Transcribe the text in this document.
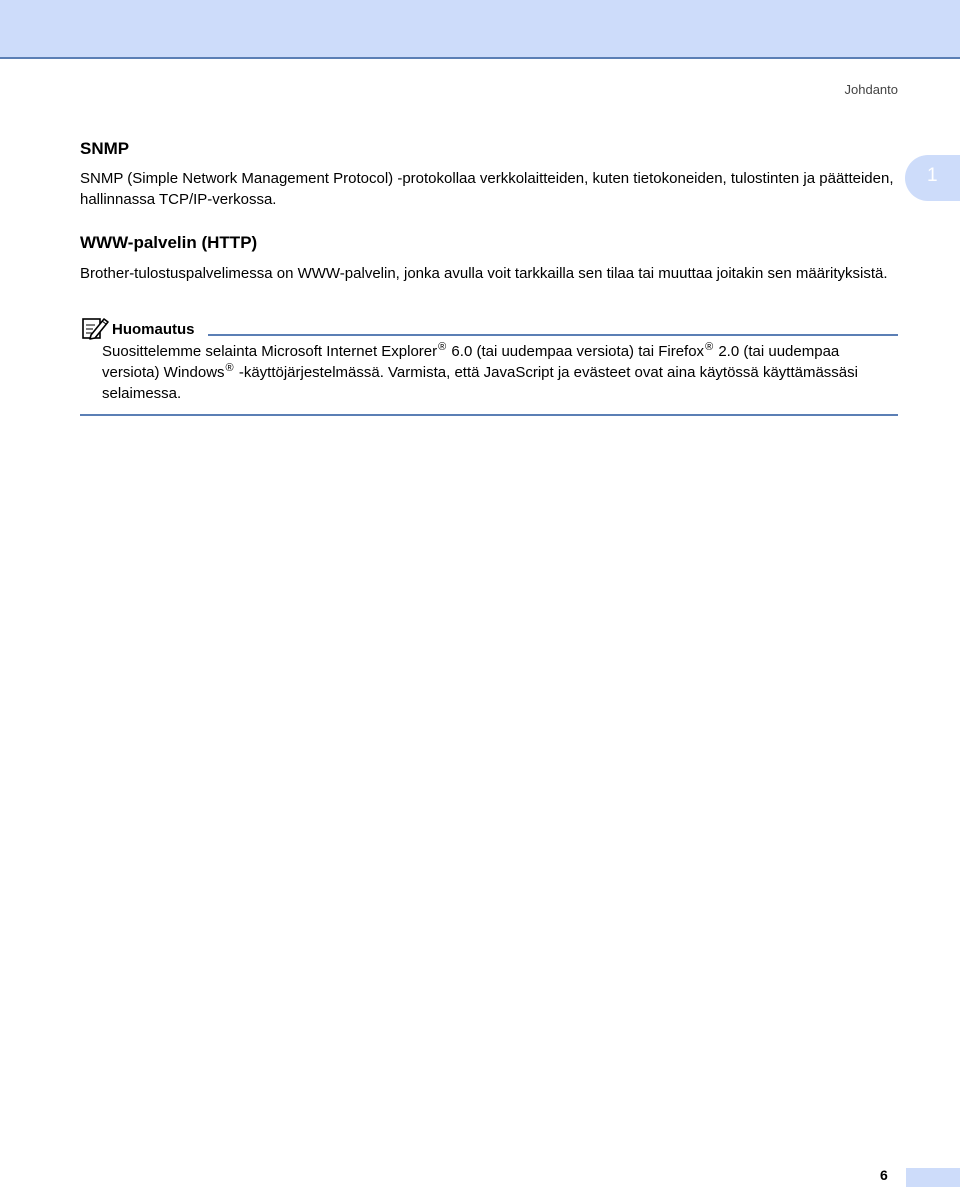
Johdanto
1
SNMP

SNMP (Simple Network Management Protocol) -protokollaa verkkolaitteiden, kuten tietokoneiden, tulostinten ja päätteiden, hallinnassa TCP/IP-verkossa.

WWW-palvelin (HTTP)

Brother-tulostuspalvelimessa on WWW-palvelin, jonka avulla voit tarkkailla sen tilaa tai muuttaa joitakin sen määrityksistä.

Huomautus

Suosittelemme selainta Microsoft Internet Explorer® 6.0 (tai uudempaa versiota) tai Firefox® 2.0 (tai uudempaa versiota) Windows® -käyttöjärjestelmässä. Varmista, että JavaScript ja evästeet ovat aina käytössä käyttämässäsi selaimessa.

6
